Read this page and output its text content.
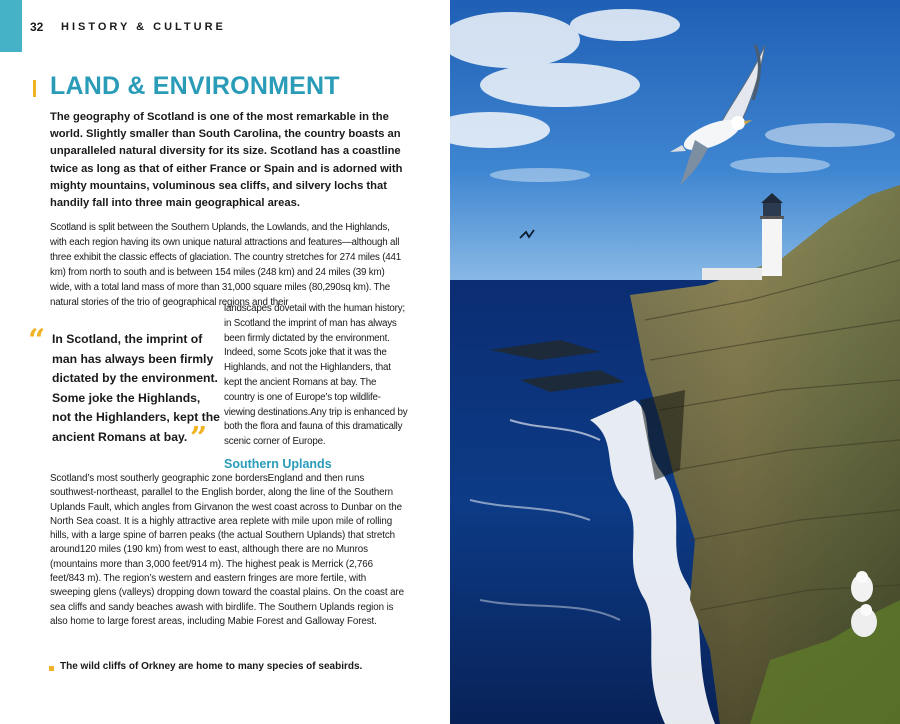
32 HISTORY & CULTURE
LAND & ENVIRONMENT

The geography of Scotland is one of the most remarkable in the world. Slightly smaller than South Carolina, the country boasts an unparalleled natural diversity for its size. Scotland has a coastline twice as long as that of either France or Spain and is adorned with mighty mountains, voluminous sea cliffs, and silvery lochs that handily fall into three main geographical areas.

Scotland is split between the Southern Uplands, the Lowlands, and the Highlands, with each region having its own unique natural attractions and features—although all three exhibit the classic effects of glaciation. The country stretches for 274 miles (441 km) from north to south and is between 154 miles (248 km) and 24 miles (39 km) wide, with a total land mass of more than 31,000 square miles (80,290sq km). The natural stories of the trio of geographical regions and their

landscapes dovetail with the human history; in Scotland the imprint of man has always been firmly dictated by the environment. Indeed, some Scots joke that it was the Highlands, and not the Highlanders, that kept the ancient Romans at bay. The country is one of Europe’s top wildlife-viewing destinations.Any trip is enhanced by both the flora and fauna of this dramatically scenic corner of Europe.

“ In Scotland, the imprint of man has always been firmly dictated by the environment. Some joke the Highlands, not the Highlanders, kept the ancient Romans at bay. ”
Southern Uplands

Scotland’s most southerly geographic zone bordersEngland and then runs southwest-northeast, parallel to the English border, along the line of the Southern Uplands Fault, which angles from Girvanon the west coast across to Dunbar on the North Sea coast. It is a highly attractive area replete with mile upon mile of rolling hills, with a large spine of barren peaks (the actual Southern Uplands) that stretch around120 miles (190 km) from west to east, although there are no Munros (mountains more than 3,000 feet/914 m). The highest peak is Merrick (2,766 feet/843 m). The region’s western and eastern fringes are more fertile, with sweeping glens (valleys) dropping down toward the coastal plains. On the coast are sea cliffs and sandy beaches awash with birdlife. The Southern Uplands region is also home to large forest areas, including Mabie Forest and Galloway Forest.

The wild cliffs of Orkney are home to many species of seabirds.
